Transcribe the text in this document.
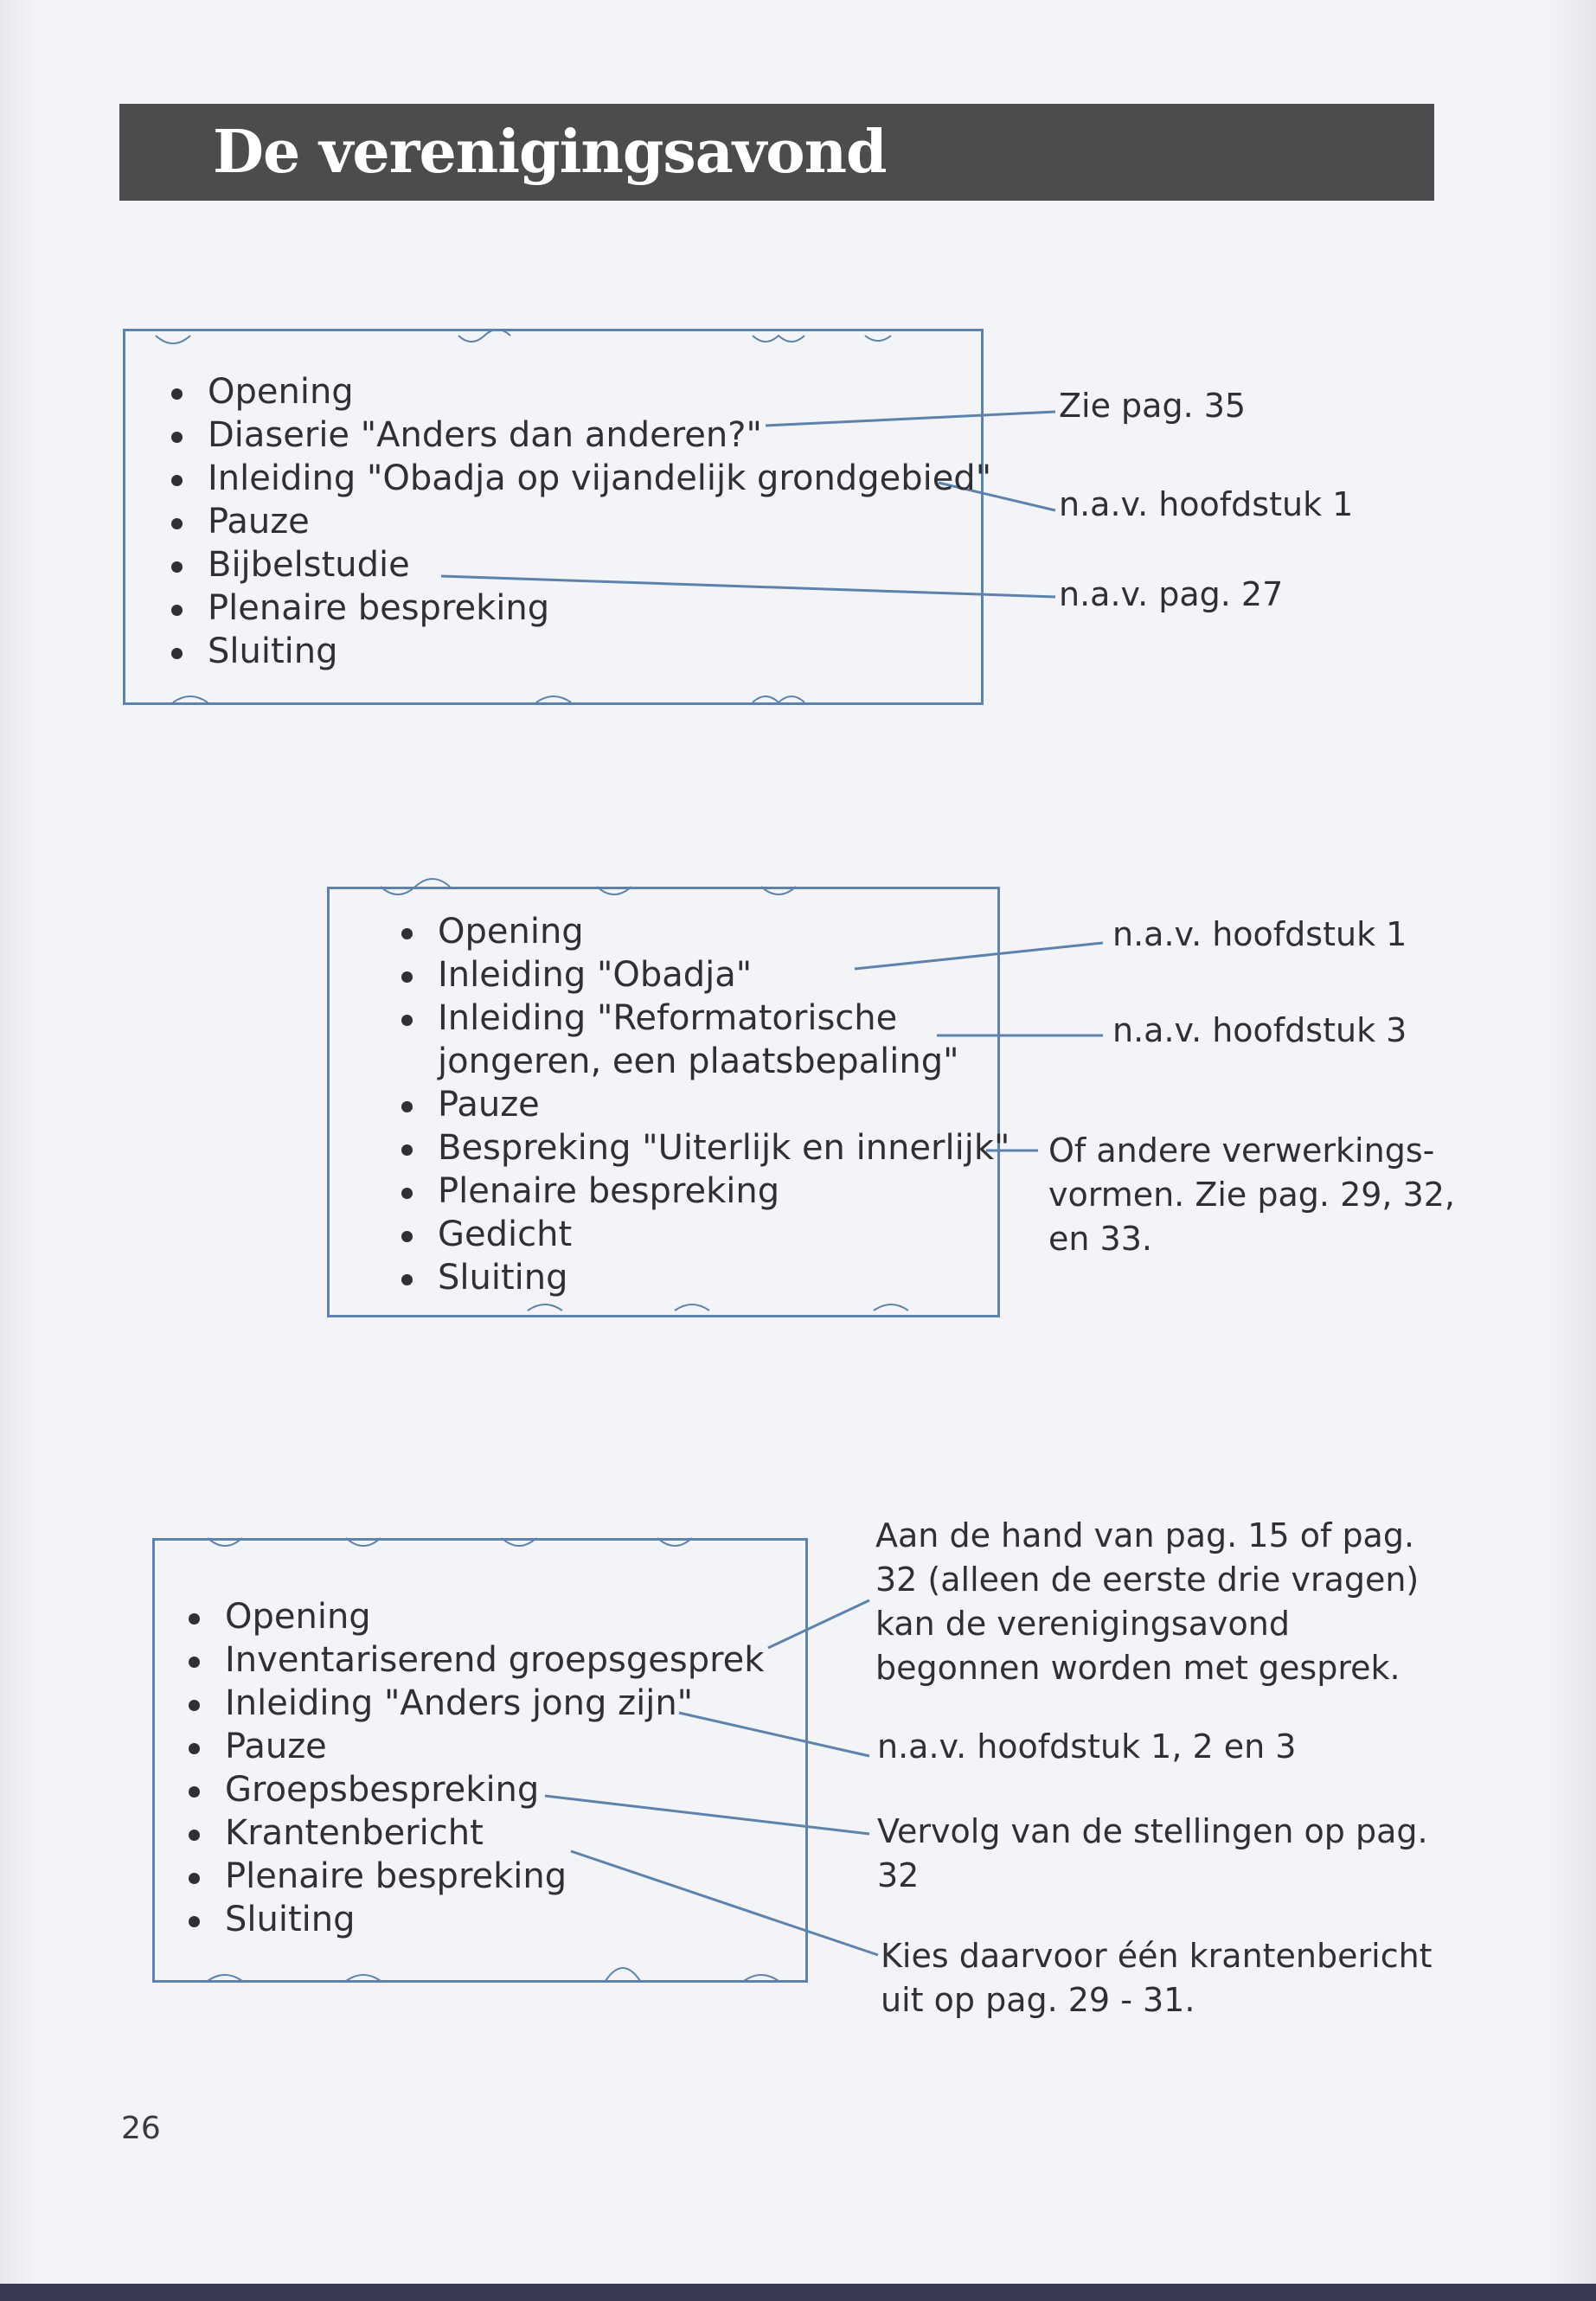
De verenigingsavond
Opening
Diaserie "Anders dan anderen?"
Inleiding "Obadja op vijandelijk grondgebied"
Pauze
Bijbelstudie
Plenaire bespreking
Sluiting
Zie pag. 35
n.a.v. hoofdstuk 1
n.a.v. pag. 27
Opening
Inleiding "Obadja"
Inleiding "Reformatorische
jongeren, een plaatsbepaling"
Pauze
Bespreking "Uiterlijk en innerlijk"
Plenaire bespreking
Gedicht
Sluiting
n.a.v. hoofdstuk 1
n.a.v. hoofdstuk 3
Of andere verwerkings-
vormen. Zie pag. 29, 32,
en 33.
Opening
Inventariserend groepsgesprek
Inleiding "Anders jong zijn"
Pauze
Groepsbespreking
Krantenbericht
Plenaire bespreking
Sluiting
Aan de hand van pag. 15 of pag.
32 (alleen de eerste drie vragen)
kan de verenigingsavond
begonnen worden met gesprek.
n.a.v. hoofdstuk 1, 2 en 3
Vervolg van de stellingen op pag.
32
Kies daarvoor één krantenbericht
uit op pag. 29 - 31.
26
